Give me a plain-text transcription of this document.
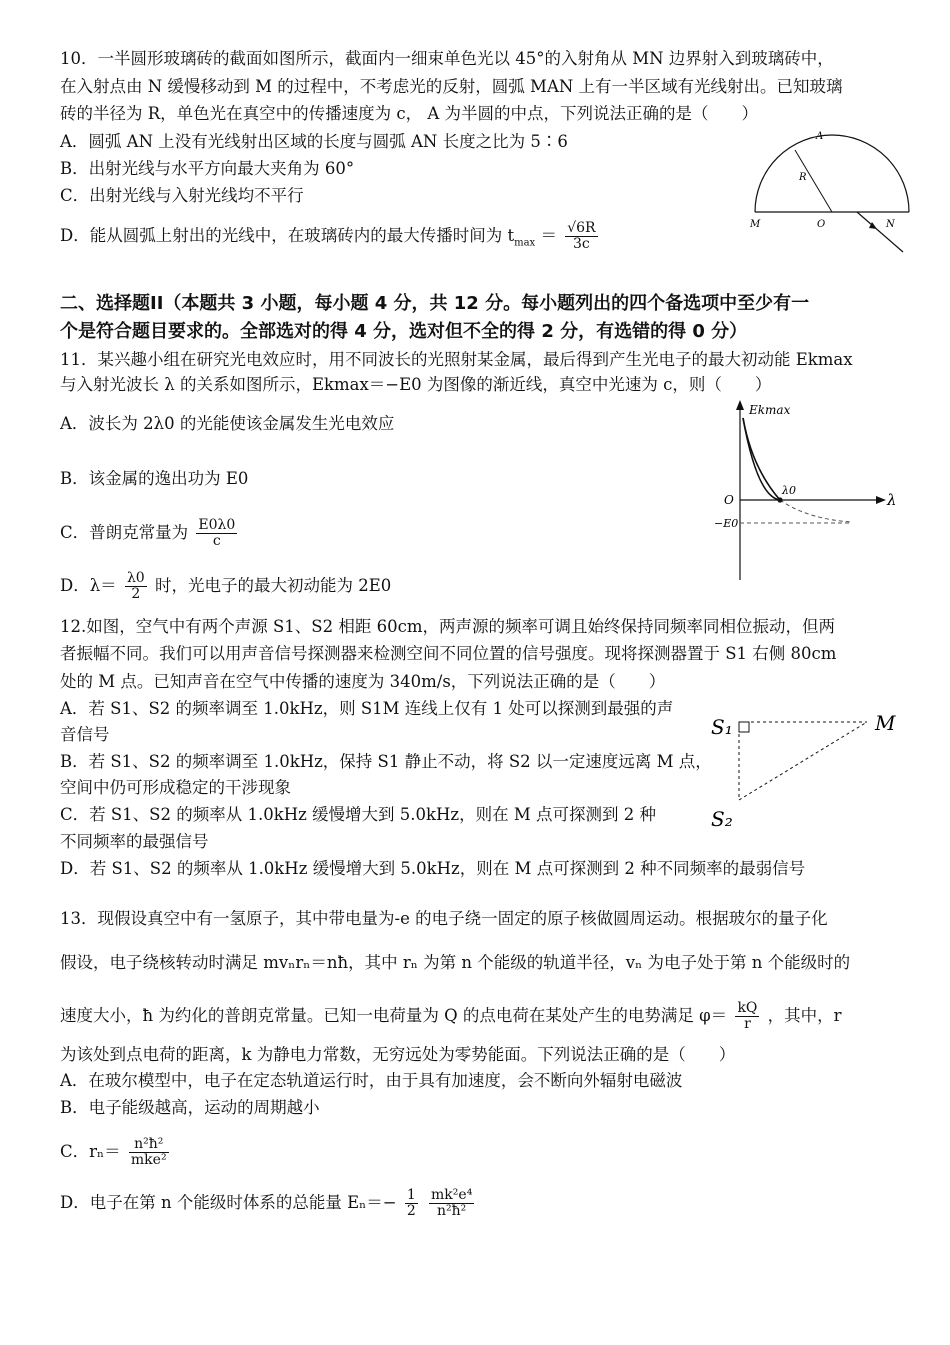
10．一半圆形玻璃砖的截面如图所示，截面内一细束单色光以 45°的入射角从 MN 边界射入到玻璃砖中，
在入射点由 N 缓慢移动到 M 的过程中，不考虑光的反射，圆弧 MAN 上有一半区域有光线射出。已知玻璃
砖的半径为 R，单色光在真空中的传播速度为 c， A 为半圆的中点，下列说法正确的是（　　）
A．圆弧 AN 上没有光线射出区域的长度与圆弧 AN 长度之比为 5∶6
B．出射光线与水平方向最大夹角为 60°
C．出射光线与入射光线均不平行
D．能从圆弧上射出的光线中，在玻璃砖内的最大传播时间为 $t_{max} = \frac{√6R}{3c}$
A
R
M	O	N
二、选择题II（本题共 3 小题，每小题 4 分，共 12 分。每小题列出的四个备选项中至少有一
个是符合题目要求的。全部选对的得 4 分，选对但不全的得 2 分，有选错的得 0 分）
11．某兴趣小组在研究光电效应时，用不同波长的光照射某金属，最后得到产生光电子的最大初动能 Ekmax
与入射光波长 λ 的关系如图所示，Ekmax＝−E0 为图像的渐近线，真空中光速为 c，则（　　）
A．波长为 2λ0 的光能使该金属发生光电效应
B．该金属的逸出功为 E0
C．普朗克常量为 $\frac{E0\lambda 0}{c}$
D．$\lambda= \frac{\lambda 0}{2}$ 时，光电子的最大初动能为 2E0
Ekmax
λ
O
λ0
−E0
12.如图，空气中有两个声源 S1、S2 相距 60cm，两声源的频率可调且始终保持同频率同相位振动，但两
者振幅不同。我们可以用声音信号探测器来检测空间不同位置的信号强度。现将探测器置于 S1 右侧 80cm
处的 M 点。已知声音在空气中传播的速度为 340m/s，下列说法正确的是（　　）
A．若 S1、S2 的频率调至 1.0kHz，则 S1M 连线上仅有 1 处可以探测到最强的声
音信号
B．若 S1、S2 的频率调至 1.0kHz，保持 S1 静止不动，将 S2 以一定速度远离 M 点，
空间中仍可形成稳定的干涉现象
C．若 S1、S2 的频率从 1.0kHz 缓慢增大到 5.0kHz，则在 M 点可探测到 2 种
不同频率的最强信号
D．若 S1、S2 的频率从 1.0kHz 缓慢增大到 5.0kHz，则在 M 点可探测到 2 种不同频率的最弱信号
S₁	M
S₂
13．现假设真空中有一氢原子，其中带电量为-e 的电子绕一固定的原子核做圆周运动。根据玻尔的量子化
假设，电子绕核转动时满足 mvₙrₙ＝nħ，其中 rₙ 为第 n 个能级的轨道半径，vₙ 为电子处于第 n 个能级时的
速度大小，ħ 为约化的普朗克常量。已知一电荷量为 Q 的点电荷在某处产生的电势满足 $\varphi= \frac{kQ}{r}$ ，其中，r
为该处到点电荷的距离，k 为静电力常数，无穷远处为零势能面。下列说法正确的是（　　）
A．在玻尔模型中，电子在定态轨道运行时，由于具有加速度，会不断向外辐射电磁波
B．电子能级越高，运动的周期越小
C．$r_n= \frac{\text{n²ħ²}}{\text{mke²}}$
D．电子在第 n 个能级时体系的总能量 $E_n=- \frac{1}{2}$
$\frac{\text{mk²e⁴}}{\text{n²ħ²}}$
